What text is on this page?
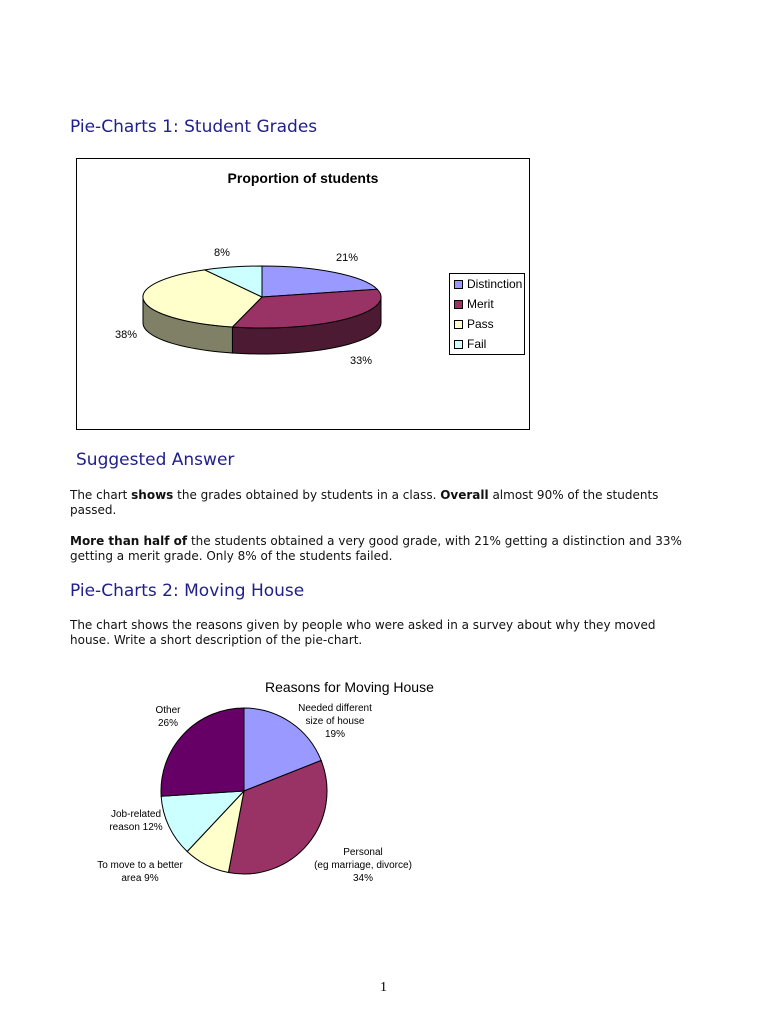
Pie-Charts 1: Student Grades
Proportion of students
21%
33%
38%
8%
Distinction
Merit
Pass
Fail
Suggested Answer
The chart shows the grades obtained by students in a class. Overall almost 90% of the students passed.
More than half of the students obtained a very good grade, with 21% getting a distinction and 33% getting a merit grade. Only 8% of the students failed.
Pie-Charts 2: Moving House
The chart shows the reasons given by people who were asked in a survey about why they moved house. Write a short description of the pie-chart.
Reasons for Moving House
Needed different
size of house
19%
Personal
(eg marriage, divorce)
34%
To move to a better
area 9%
Job-related
reason 12%
Other
26%
1
